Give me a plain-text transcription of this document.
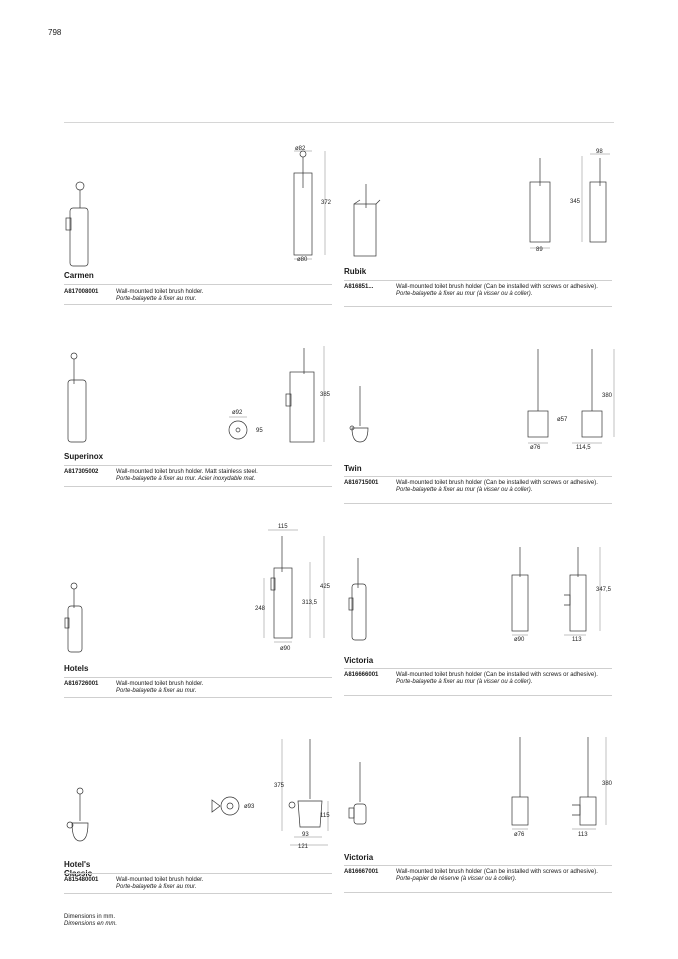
798
ø82
372
ø80
Carmen
A817008001	Wall-mounted toilet brush holder.
Porte-balayette à fixer au mur.
98
345
89
Rubik
A816851...	Wall-mounted toilet brush holder (Can be installed with screws or adhesive).
Porte-balayette à fixer au mur (à visser ou à coller).
ø92
95
385
Superinox
A817305002	Wall-mounted toilet brush holder. Matt stainless steel.
Porte-balayette à fixer au mur. Acier inoxydable mat.
380
ø57
ø76	114,5
Twin
A816715001	Wall-mounted toilet brush holder (Can be installed with screws or adhesive).
Porte-balayette à fixer au mur (à visser ou à coller).
115
425
313,5
248
ø90
Hotels
A816726001	Wall-mounted toilet brush holder.
Porte-balayette à fixer au mur.
347,5
ø90	113
Victoria
A816666001	Wall-mounted toilet brush holder (Can be installed with screws or adhesive).
Porte-balayette à fixer au mur (à visser ou à coller).
ø93
375
115
93
121
Hotel's
A815480001	Wall-mounted toilet brush holder.
Porte-balayette à fixer au mur.
380
ø76	113
Victoria
A816667001	Wall-mounted toilet brush holder (Can be installed with screws or adhesive).
Porte-papier de réserve (à visser ou à coller).
Dimensions in mm.
Dimensions en mm.
